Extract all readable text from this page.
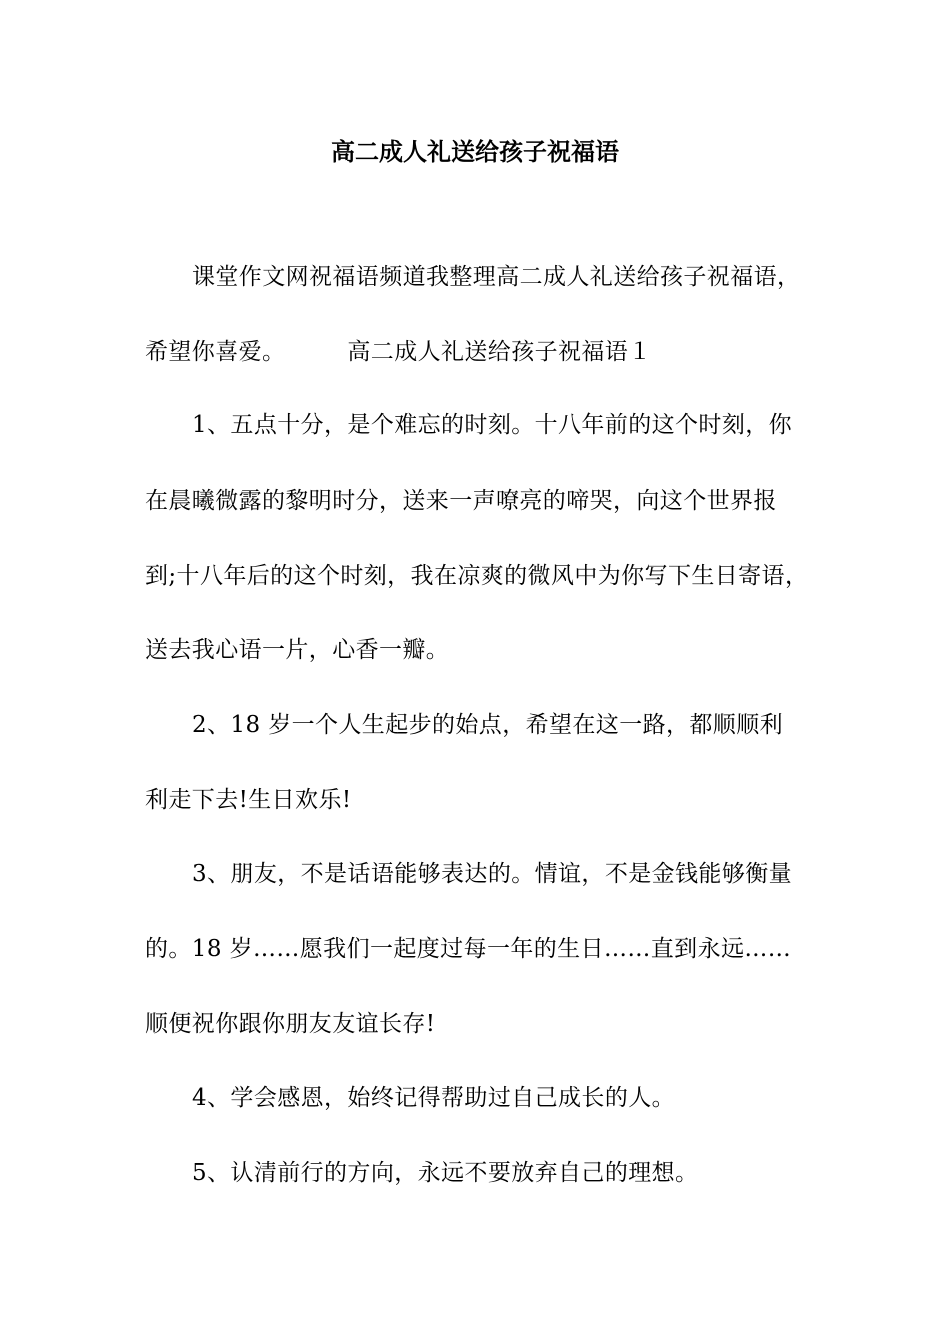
高二成人礼送给孩子祝福语
课堂作文网祝福语频道我整理高二成人礼送给孩子祝福语，
希望你喜爱。	高二成人礼送给孩子祝福语１
1、五点十分，是个难忘的时刻。十八年前的这个时刻，你
在晨曦微露的黎明时分，送来一声嘹亮的啼哭，向这个世界报
到;十八年后的这个时刻，我在凉爽的微风中为你写下生日寄语，
送去我心语一片，心香一瓣。
2、18 岁一个人生起步的始点，希望在这一路，都顺顺利
利走下去!生日欢乐!
3、朋友，不是话语能够表达的。情谊，不是金钱能够衡量
的。18 岁……愿我们一起度过每一年的生日……直到永远……
顺便祝你跟你朋友友谊长存!
4、学会感恩，始终记得帮助过自己成长的人。
5、认清前行的方向，永远不要放弃自己的理想。
